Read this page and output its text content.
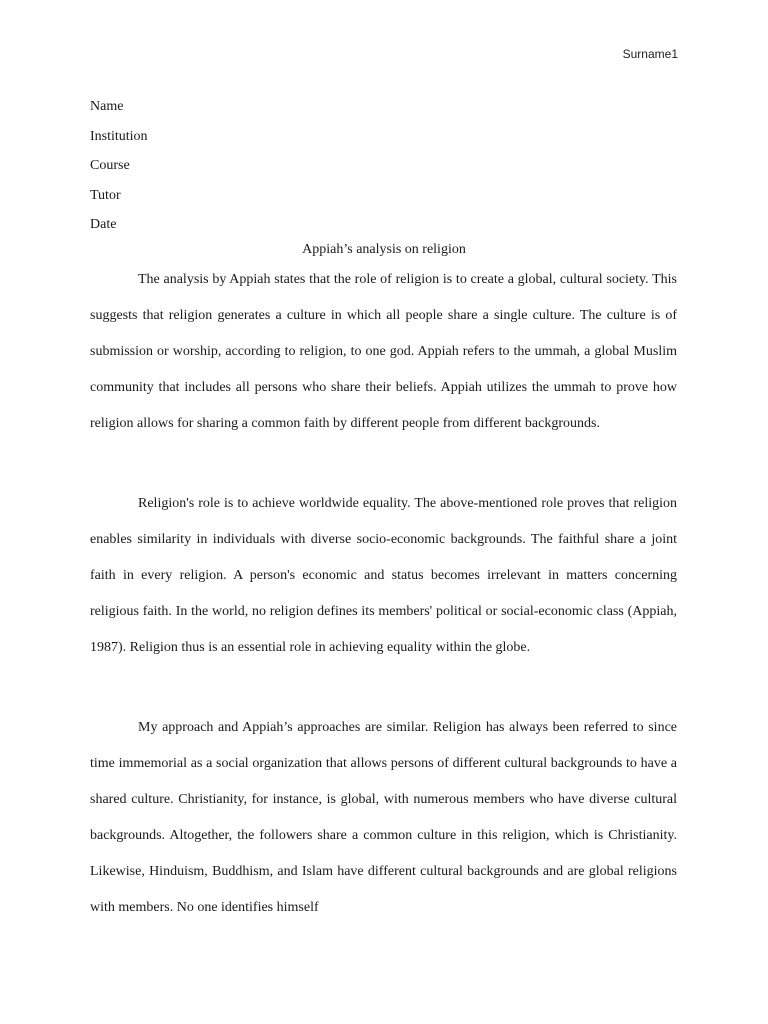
Surname1
Name
Institution
Course
Tutor
Date
Appiah’s analysis on religion

The analysis by Appiah states that the role of religion is to create a global, cultural society. This suggests that religion generates a culture in which all people share a single culture. The culture is of submission or worship, according to religion, to one god. Appiah refers to the ummah, a global Muslim community that includes all persons who share their beliefs. Appiah utilizes the ummah to prove how religion allows for sharing a common faith by different people from different backgrounds.

Religion's role is to achieve worldwide equality. The above-mentioned role proves that religion enables similarity in individuals with diverse socio-economic backgrounds. The faithful share a joint faith in every religion. A person's economic and status becomes irrelevant in matters concerning religious faith. In the world, no religion defines its members' political or social-economic class (Appiah, 1987). Religion thus is an essential role in achieving equality within the globe.

My approach and Appiah’s approaches are similar. Religion has always been referred to since time immemorial as a social organization that allows persons of different cultural backgrounds to have a shared culture. Christianity, for instance, is global, with numerous members who have diverse cultural backgrounds. Altogether, the followers share a common culture in this religion, which is Christianity. Likewise, Hinduism, Buddhism, and Islam have different cultural backgrounds and are global religions with members. No one identifies himself
